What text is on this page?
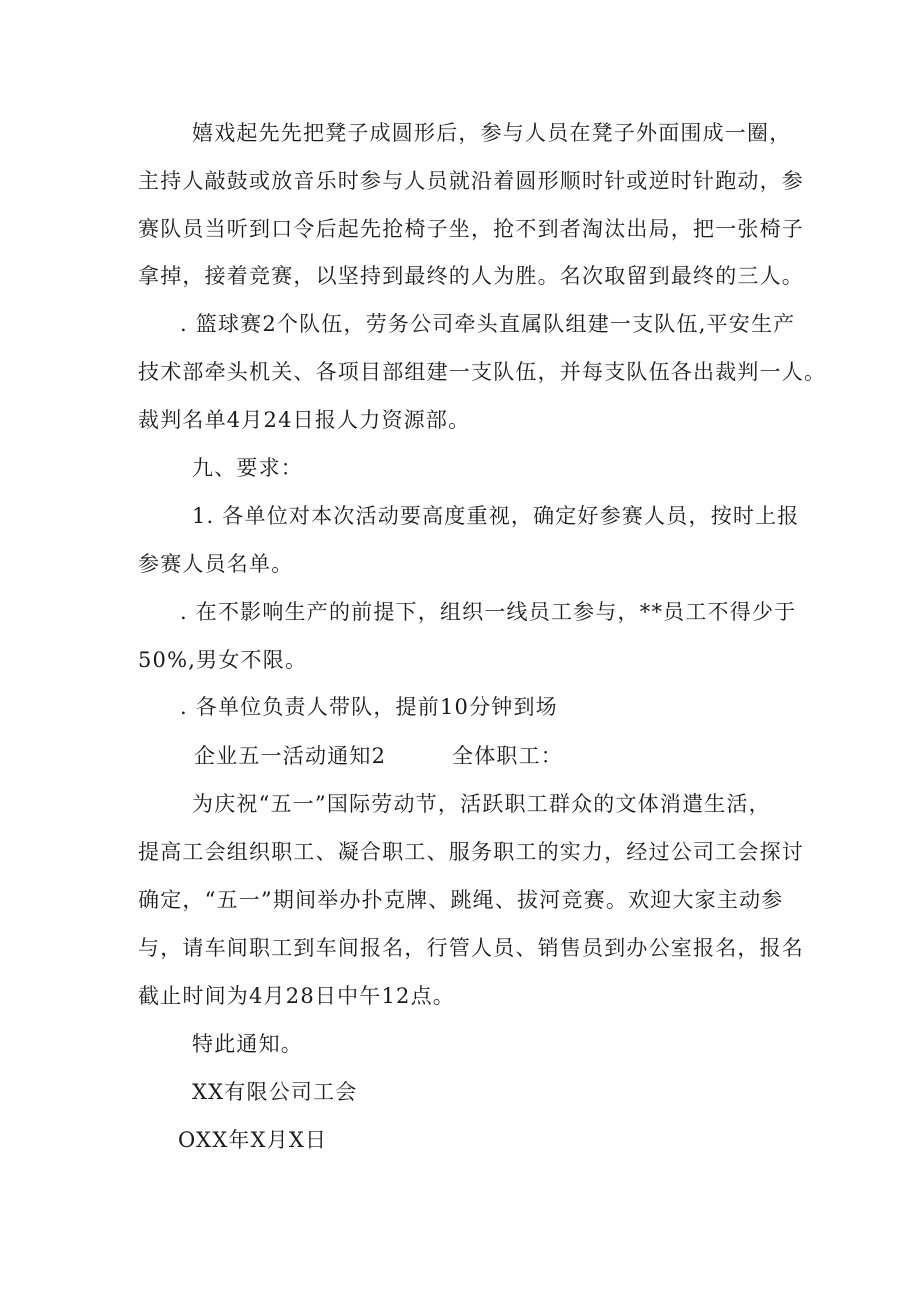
嬉戏起先先把凳子成圆形后，参与人员在凳子外面围成一圈，
主持人敲鼓或放音乐时参与人员就沿着圆形顺时针或逆时针跑动，参
赛队员当听到口令后起先抢椅子坐，抢不到者淘汰出局，把一张椅子
拿掉，接着竞赛，以坚持到最终的人为胜。名次取留到最终的三人。
. 篮球赛2个队伍，劳务公司牵头直属队组建一支队伍,平安生产
技术部牵头机关、各项目部组建一支队伍，并每支队伍各出裁判一人。
裁判名单4月24日报人力资源部。
九、要求：
1. 各单位对本次活动要高度重视，确定好参赛人员，按时上报
参赛人员名单。
. 在不影响生产的前提下，组织一线员工参与，**员工不得少于
50%,男女不限。
. 各单位负责人带队，提前10分钟到场
企业五一活动通知2	全体职工：
为庆祝“五一”国际劳动节，活跃职工群众的文体消遣生活，
提高工会组织职工、凝合职工、服务职工的实力，经过公司工会探讨
确定，“五一”期间举办扑克牌、跳绳、拔河竞赛。欢迎大家主动参
与，请车间职工到车间报名，行管人员、销售员到办公室报名，报名
截止时间为4月28日中午12点。
特此通知。
XX有限公司工会
OXX年X月X日
